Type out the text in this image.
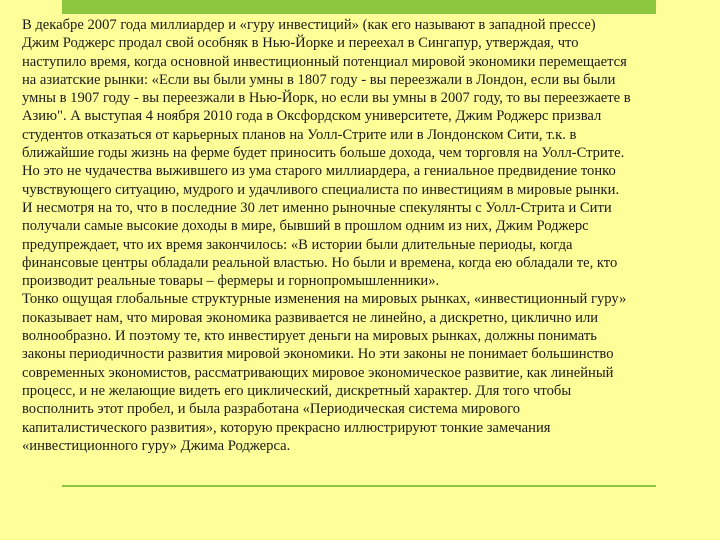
В декабре 2007 года миллиардер и «гуру инвестиций» (как его называют в западной прессе)
Джим Роджерс продал свой особняк в Нью-Йорке и переехал в Сингапур, утверждая, что
наступило время, когда основной инвестиционный потенциал мировой экономики перемещается
на азиатские рынки: «Если вы были умны в 1807 году - вы переезжали в Лондон, если вы были
умны в 1907 году - вы переезжали в Нью-Йорк, но если вы умны в 2007 году, то вы переезжаете в
Азию". А выступая 4 ноября 2010 года в Оксфордском университете, Джим Роджерс призвал
студентов отказаться от карьерных планов на Уолл-Стрите или в Лондонском Сити, т.к. в
ближайшие годы жизнь на ферме будет приносить больше дохода, чем торговля на Уолл-Стрите.
Но это не чудачества выжившего из ума старого миллиардера, а гениальное предвидение тонко
чувствующего ситуацию, мудрого и удачливого специалиста по инвестициям в мировые рынки.
И несмотря на то, что в последние 30 лет именно рыночные спекулянты с Уолл-Стрита и Сити
получали самые высокие доходы в мире, бывший в прошлом одним из них, Джим Роджерс
предупреждает, что их время закончилось: «В истории были длительные периоды, когда
финансовые центры обладали реальной властью. Но были и времена, когда ею обладали те, кто
производит реальные товары – фермеры и горнопромышленники».
Тонко ощущая глобальные структурные изменения на мировых рынках, «инвестиционный гуру»
показывает нам, что мировая экономика развивается не линейно, а дискретно, циклично или
волнообразно. И поэтому те, кто инвестирует деньги на мировых рынках, должны понимать
законы периодичности развития мировой экономики. Но эти законы не понимает большинство
современных экономистов, рассматривающих мировое экономическое развитие, как линейный
процесс, и не желающие видеть его циклический, дискретный характер. Для того чтобы
восполнить этот пробел, и была разработана «Периодическая система мирового
капиталистического развития», которую прекрасно иллюстрируют тонкие замечания
«инвестиционного гуру» Джима Роджерса.
